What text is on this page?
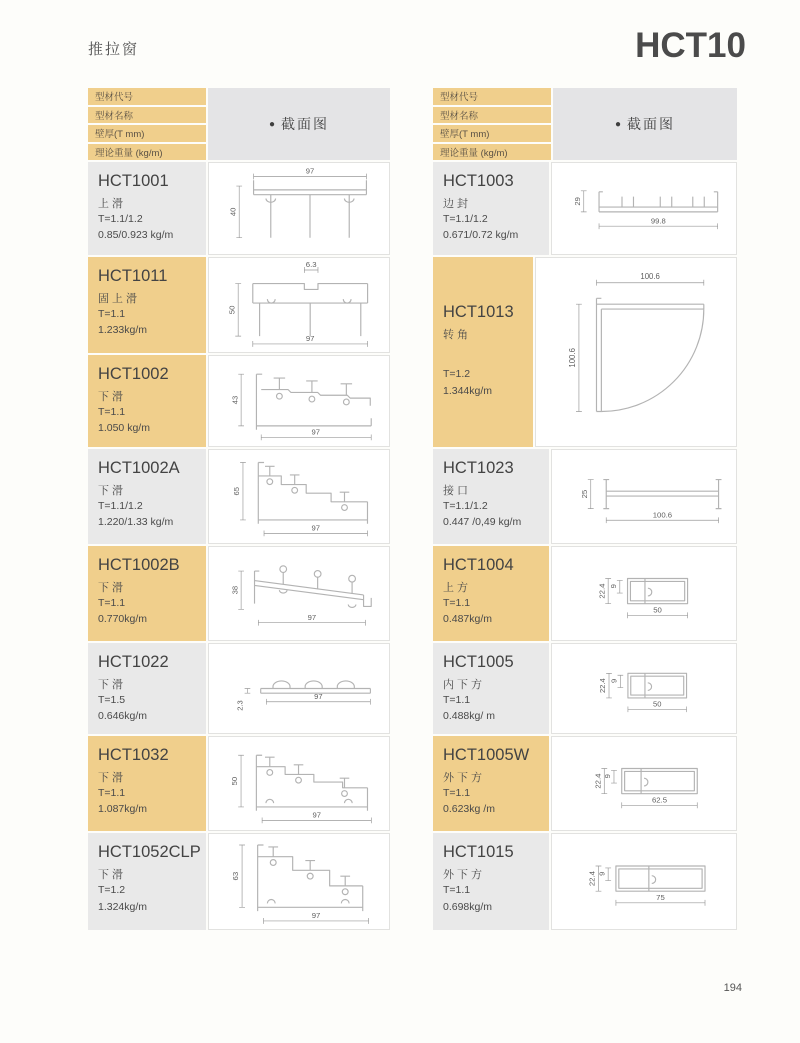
推拉窗	HCT10
型材代号
型材名称
壁厚(T mm)
理论重量 (kg/m)
● 截面图
HCT1001
上滑
T=1.1/1.2
0.85/0.923 kg/m
97
40
HCT1011
固上滑
T=1.1
1.233kg/m
6.3
50
97
HCT1002
下滑
T=1.1
1.050 kg/m
43
97
HCT1002A
下滑
T=1.1/1.2
1.220/1.33 kg/m
65
97
HCT1002B
下滑
T=1.1
0.770kg/m
38
97
HCT1022
下滑
T=1.5
0.646kg/m
2.3
97
HCT1032
下滑
T=1.1
1.087kg/m
50
97
HCT1052CLP
下滑
T=1.2
1.324kg/m
63
97
型材代号
型材名称
壁厚(T mm)
理论重量 (kg/m)
● 截面图
HCT1003
边封
T=1.1/1.2
0.671/0.72 kg/m
29
99.8
HCT1013
转角
T=1.2
1.344kg/m
100.6
100.6
HCT1023
接口
T=1.1/1.2
0.447 /0,49 kg/m
25
100.6
HCT1004
上方
T=1.1
0.487kg/m
22.4 9
50
HCT1005
内下方
T=1.1
0.488kg/ m
22.4 9
50
HCT1005W
外下方
T=1.1
0.623kg /m
22.4 9
62.5
HCT1015
外下方
T=1.1
0.698kg/m
22.4 9
75
194
